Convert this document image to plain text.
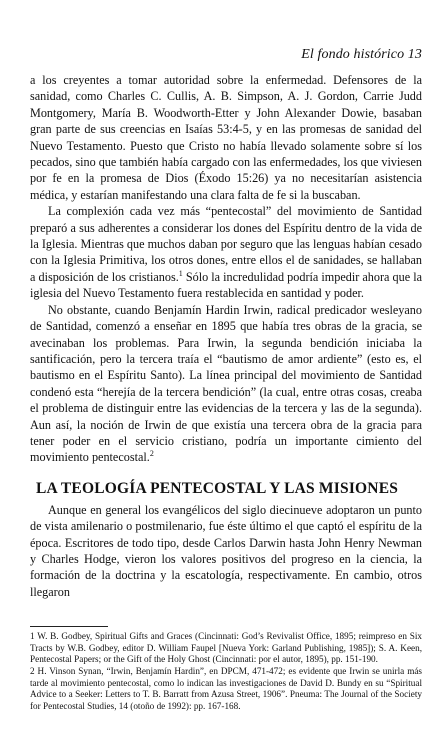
El fondo histórico 13

a los creyentes a tomar autoridad sobre la enfermedad. Defensores de la sanidad, como Charles C. Cullis, A. B. Simpson, A. J. Gordon, Carrie Judd Montgomery, María B. Woodworth-Etter y John Alexander Dowie, basaban gran parte de sus creencias en Isaías 53:4-5, y en las promesas de sanidad del Nuevo Testamento. Puesto que Cristo no había llevado solamente sobre sí los pecados, sino que también había cargado con las enfermedades, los que viviesen por fe en la promesa de Dios (Éxodo 15:26) ya no necesitarían asistencia médica, y estarían manifestando una clara falta de fe si la buscaban.

La complexión cada vez más “pentecostal” del movimiento de Santidad preparó a sus adherentes a considerar los dones del Espíritu dentro de la vida de la Iglesia. Mientras que muchos daban por seguro que las lenguas habían cesado con la Iglesia Primitiva, los otros dones, entre ellos el de sanidades, se hallaban a disposición de los cristianos.$^1$ Sólo la incredulidad podría impedir ahora que la iglesia del Nuevo Testamento fuera restablecida en santidad y poder.

No obstante, cuando Benjamín Hardin Irwin, radical predicador wesleyano de Santidad, comenzó a enseñar en 1895 que había tres obras de la gracia, se avecinaban los problemas. Para Irwin, la segunda bendición iniciaba la santificación, pero la tercera traía el “bautismo de amor ardiente” (esto es, el bautismo en el Espíritu Santo). La línea principal del movimiento de Santidad condenó esta “herejía de la tercera bendición” (la cual, entre otras cosas, creaba el problema de distinguir entre las evidencias de la tercera y las de la segunda). Aun así, la noción de Irwin de que existía una tercera obra de la gracia para tener poder en el servicio cristiano, podría un importante cimiento del movimiento pentecostal.$^2$

LA TEOLOGÍA PENTECOSTAL Y LAS MISIONES

Aunque en general los evangélicos del siglo diecinueve adoptaron un punto de vista amilenario o postmilenario, fue éste último el que captó el espíritu de la época. Escritores de todo tipo, desde Carlos Darwin hasta John Henry Newman y Charles Hodge, vieron los valores positivos del progreso en la ciencia, la formación de la doctrina y la escatología, respectivamente. En cambio, otros llegaron

1 W. B. Godbey, Spiritual Gifts and Graces (Cincinnati: God’s Revivalist Office, 1895; reimpreso en Six Tracts by W.B. Godbey, editor D. William Faupel [Nueva York: Garland Publishing, 1985]); S. A. Keen, Pentecostal Papers; or the Gift of the Holy Ghost (Cincinnati: por el autor, 1895), pp. 151-190.

2 H. Vinson Synan, “Irwin, Benjamín Hardin”, en DPCM, 471-472; es evidente que Irwin se unirla más tarde al movimiento pentecostal, como lo indican las investigaciones de David D. Bundy en su “Spiritual Advice to a Seeker: Letters to T. B. Barratt from Azusa Street, 1906”. Pneuma: The Journal of the Society for Pentecostal Studies, 14 (otoño de 1992): pp. 167-168.
